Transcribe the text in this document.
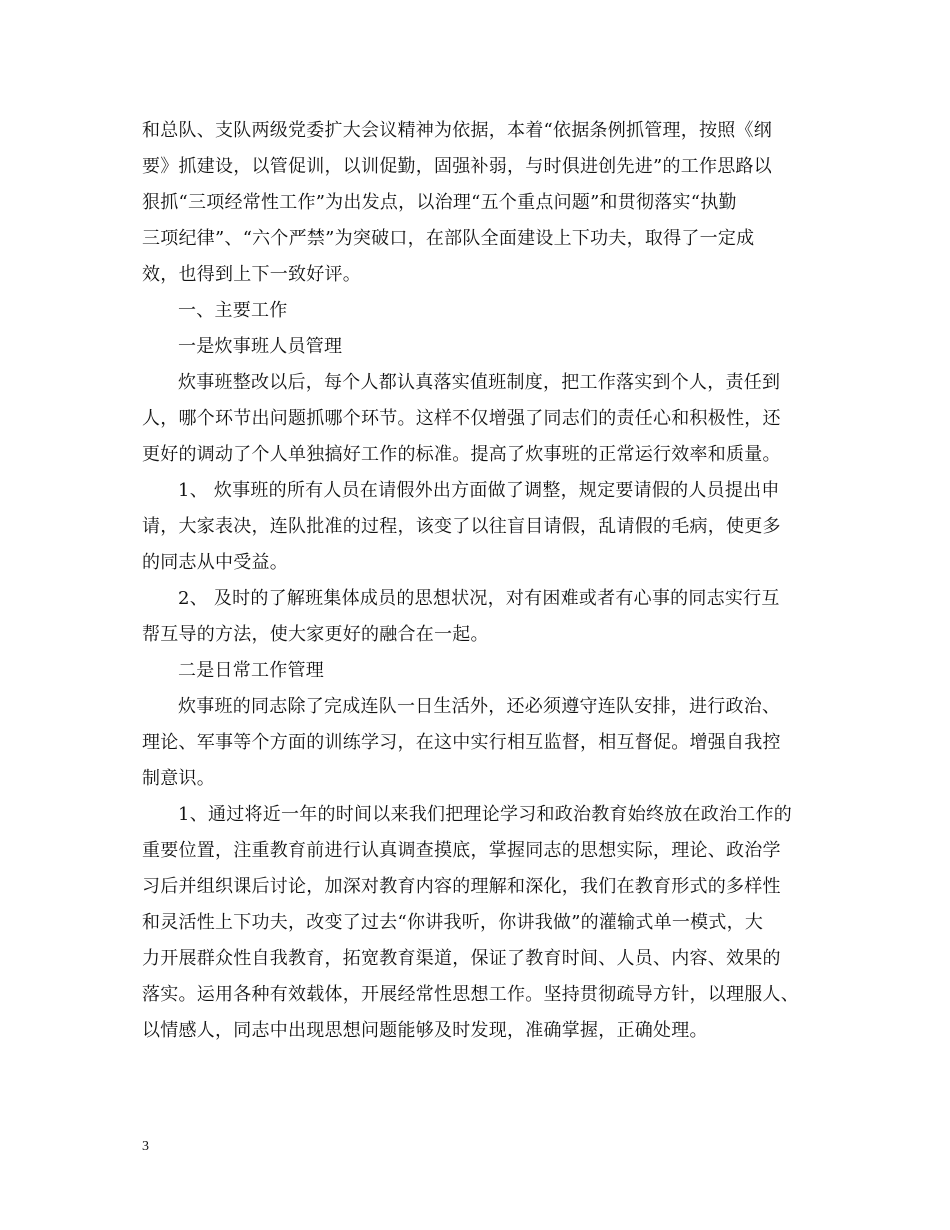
和总队、支队两级党委扩大会议精神为依据，本着“依据条例抓管理，按照《纲
要》抓建设，以管促训，以训促勤，固强补弱，与时俱进创先进”的工作思路以
狠抓“三项经常性工作”为出发点，以治理“五个重点问题”和贯彻落实“执勤
三项纪律”、“六个严禁”为突破口，在部队全面建设上下功夫，取得了一定成
效，也得到上下一致好评。
一、主要工作
一是炊事班人员管理
炊事班整改以后，每个人都认真落实值班制度，把工作落实到个人，责任到
人，哪个环节出问题抓哪个环节。这样不仅增强了同志们的责任心和积极性，还
更好的调动了个人单独搞好工作的标准。提高了炊事班的正常运行效率和质量。
1、 炊事班的所有人员在请假外出方面做了调整，规定要请假的人员提出申
请，大家表决，连队批准的过程，该变了以往盲目请假，乱请假的毛病，使更多
的同志从中受益。
2、 及时的了解班集体成员的思想状况，对有困难或者有心事的同志实行互
帮互导的方法，使大家更好的融合在一起。
二是日常工作管理
炊事班的同志除了完成连队一日生活外，还必须遵守连队安排，进行政治、
理论、军事等个方面的训练学习，在这中实行相互监督，相互督促。增强自我控
制意识。
1、通过将近一年的时间以来我们把理论学习和政治教育始终放在政治工作的
重要位置，注重教育前进行认真调查摸底，掌握同志的思想实际，理论、政治学
习后并组织课后讨论，加深对教育内容的理解和深化，我们在教育形式的多样性
和灵活性上下功夫，改变了过去“你讲我听，你讲我做”的灌输式单一模式，大
力开展群众性自我教育，拓宽教育渠道，保证了教育时间、人员、内容、效果的
落实。运用各种有效载体，开展经常性思想工作。坚持贯彻疏导方针，以理服人、
以情感人，同志中出现思想问题能够及时发现，准确掌握，正确处理。
3
